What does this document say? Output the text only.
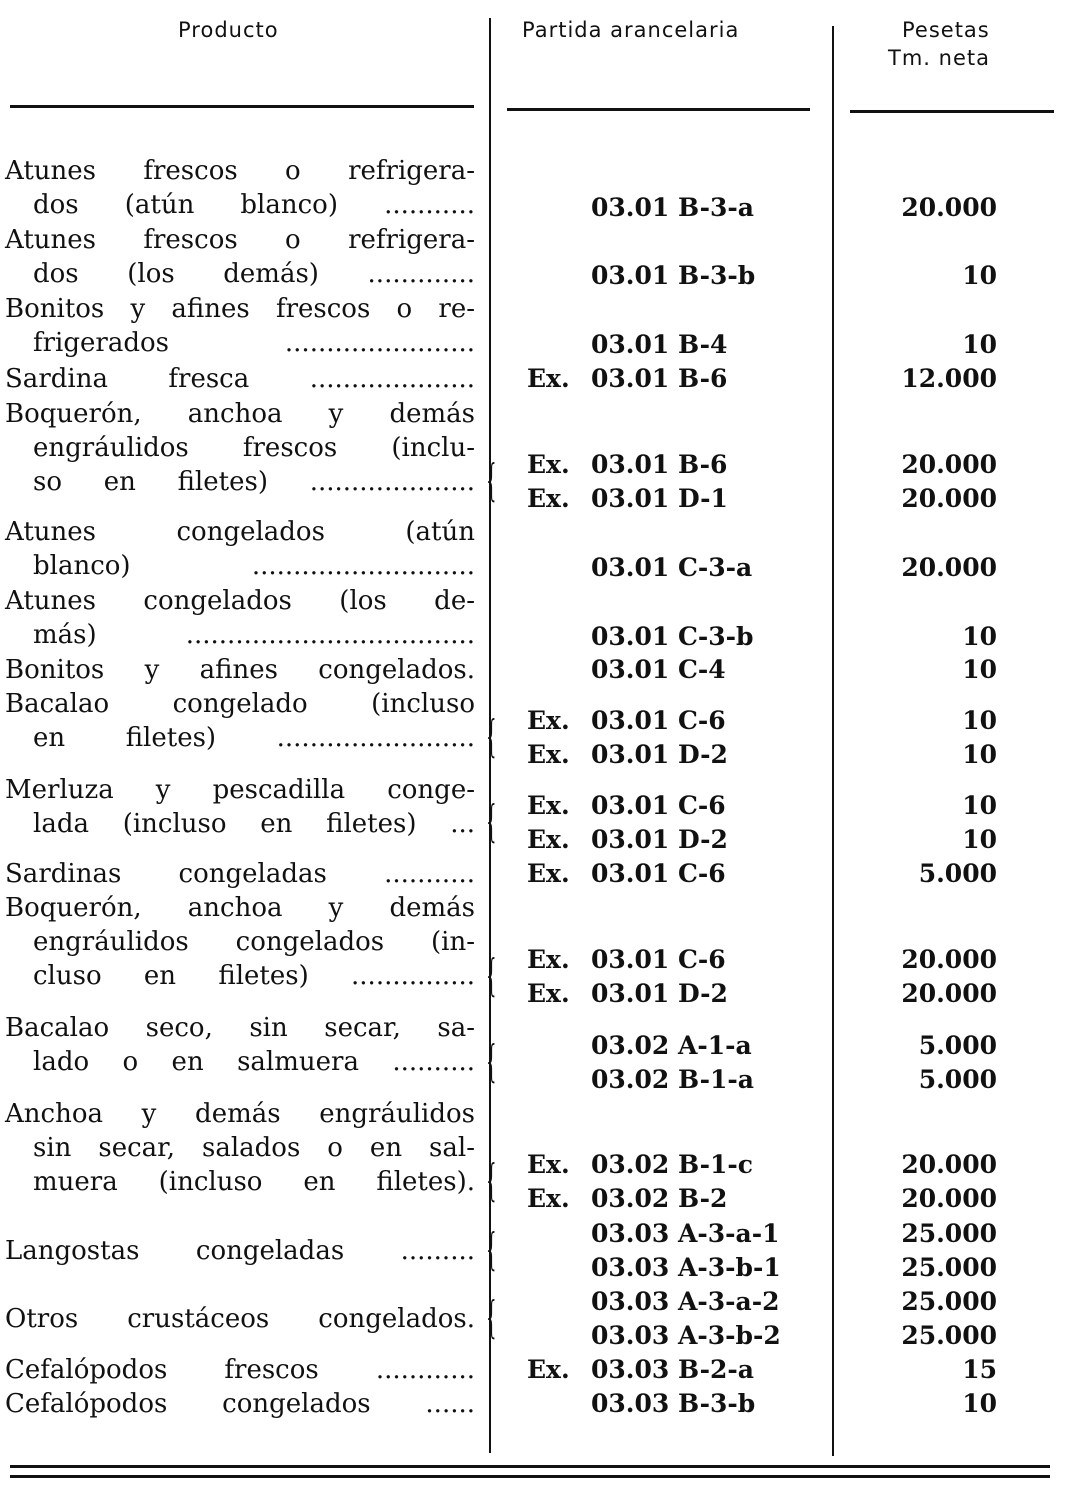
Producto	Partida arancelaria	Pesetas
Tm. neta
Atunes frescos o refrigera-
dos (atún blanco) ...........	03.01 B-3-a	20.000
Atunes frescos o refrigera-
dos (los demás) .............	03.01 B-3-b	10
Bonitos y afines frescos o re-
frigerados .......................	03.01 B-4	10
Sardina fresca .................... Ex. 03.01 B-6	12.000
Boquerón, anchoa y demás
engráulidos frescos (inclu-
so en filetes) .................... { Ex. 03.01 B-6	20.000
Ex. 03.01 D-1	20.000
Atunes congelados (atún
blanco) ...........................	03.01 C-3-a	20.000
Atunes congelados (los de-
más) ...................................	03.01 C-3-b	10
Bonitos y afines congelados.	03.01 C-4	10
Bacalao congelado (incluso
en filetes) ........................ { Ex. 03.01 C-6	10
Ex. 03.01 D-2	10
Merluza y pescadilla conge-
lada (incluso en filetes) ... { Ex. 03.01 C-6	10
Ex. 03.01 D-2	10
Sardinas congeladas ........... Ex. 03.01 C-6	5.000
Boquerón, anchoa y demás
engráulidos congelados (in-
cluso en filetes) ............... { Ex. 03.01 C-6	20.000
Ex. 03.01 D-2	20.000
Bacalao seco, sin secar, sa-
lado o en salmuera .......... {	03.02 A-1-a	5.000
03.02 B-1-a	5.000
Anchoa y demás engráulidos
sin secar, salados o en sal-
muera (incluso en filetes). { Ex. 03.02 B-1-c	20.000
Ex. 03.02 B-2	20.000
Langostas congeladas ......... {	03.03 A-3-a-1	25.000
03.03 A-3-b-1	25.000
Otros crustáceos congelados. {	03.03 A-3-a-2	25.000
03.03 A-3-b-2	25.000
Cefalópodos frescos ............ Ex. 03.03 B-2-a	15
Cefalópodos congelados ......	03.03 B-3-b	10
